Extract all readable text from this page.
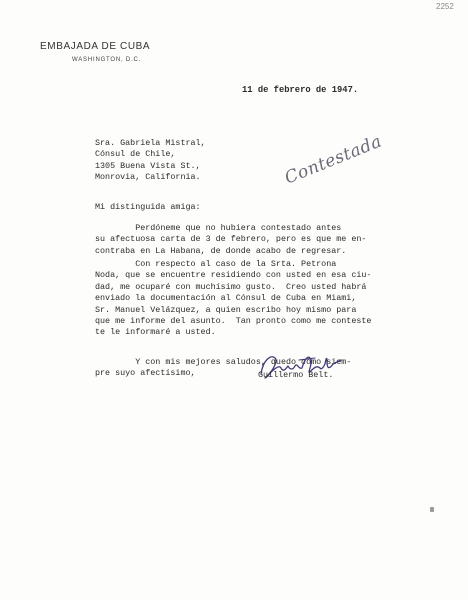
2252
EMBAJADA DE CUBA
WASHINGTON, D.C.
11 de febrero de 1947.
Sra. Gabriela Mistral,
Cónsul de Chile,
1305 Buena Vista St.,
Monrovia, California.	Contestada
Mi distinguida amiga:
Perdóneme que no hubiera contestado antes
su afectuosa carta de 3 de febrero, pero es que me en-
contraba en La Habana, de donde acabo de regresar.
Con respecto al caso de la Srta. Petrona
Noda, que se encuentre residiendo con usted en esa ciu-
dad, me ocuparé con muchísimo gusto.  Creo usted habrá
enviado la documentación al Cónsul de Cuba en Miami,
Sr. Manuel Velázquez, a quien escribo hoy mismo para
que me informe del asunto.  Tan pronto como me conteste
te le informaré a usted.
Y con mis mejores saludos, quedo como siem-
pre suyo afectísimo,	Guillermo Belt.
